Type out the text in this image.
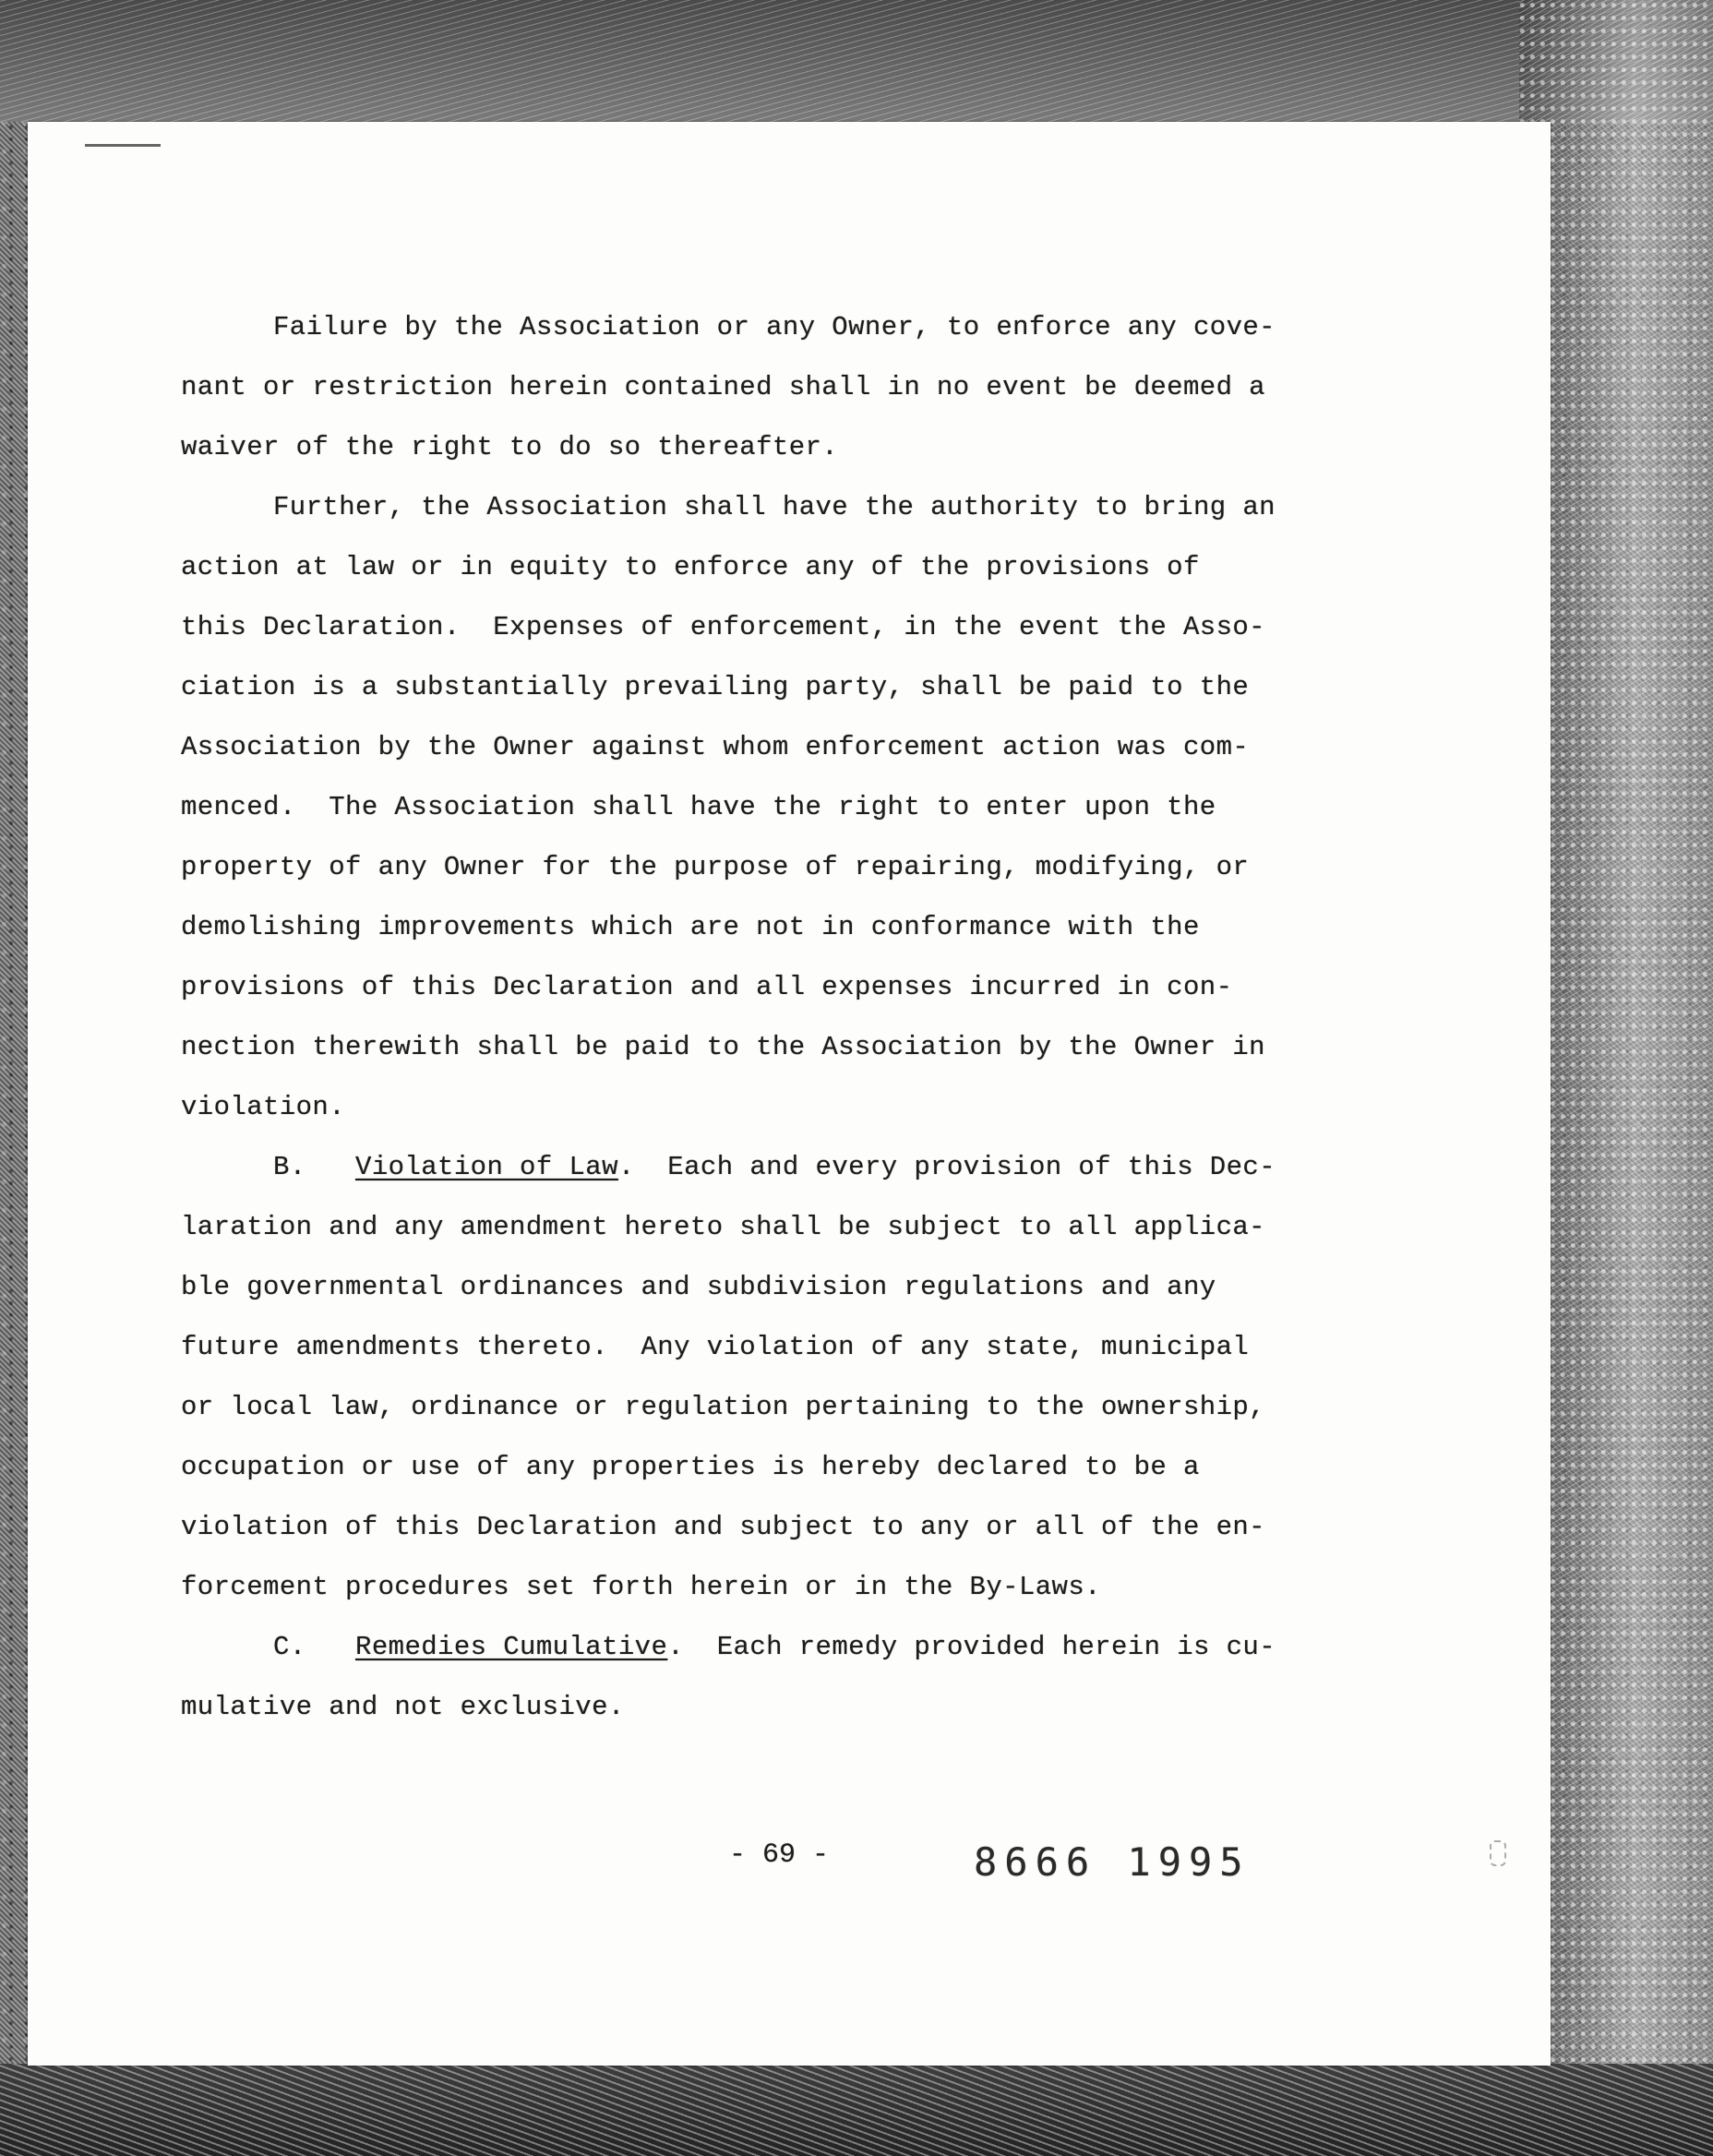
Failure by the Association or any Owner, to enforce any cove-
nant or restriction herein contained shall in no event be deemed a
waiver of the right to do so thereafter.
Further, the Association shall have the authority to bring an
action at law or in equity to enforce any of the provisions of
this Declaration.  Expenses of enforcement, in the event the Asso-
ciation is a substantially prevailing party, shall be paid to the
Association by the Owner against whom enforcement action was com-
menced.  The Association shall have the right to enter upon the
property of any Owner for the purpose of repairing, modifying, or
demolishing improvements which are not in conformance with the
provisions of this Declaration and all expenses incurred in con-
nection therewith shall be paid to the Association by the Owner in
violation.
B. Violation of Law.  Each and every provision of this Dec-
laration and any amendment hereto shall be subject to all applica-
ble governmental ordinances and subdivision regulations and any
future amendments thereto.  Any violation of any state, municipal
or local law, ordinance or regulation pertaining to the ownership,
occupation or use of any properties is hereby declared to be a
violation of this Declaration and subject to any or all of the en-
forcement procedures set forth herein or in the By-Laws.
C. Remedies Cumulative.  Each remedy provided herein is cu-
mulative and not exclusive.
- 69 -	8666 1995
